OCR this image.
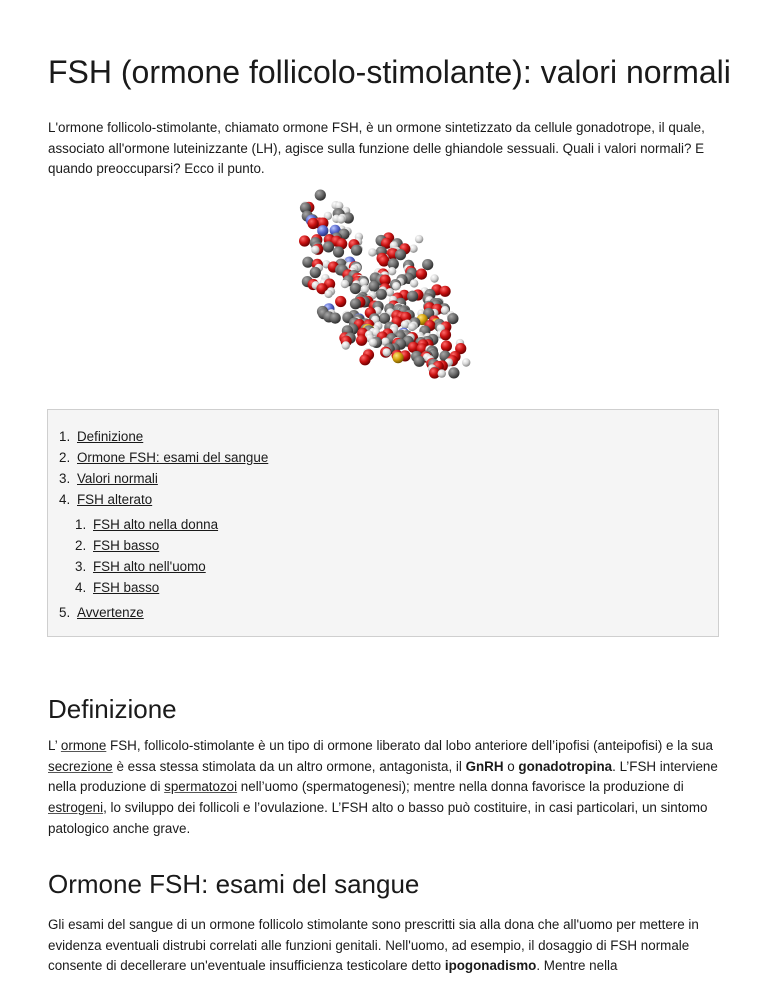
FSH (ormone follicolo-stimolante): valori normali

L'ormone follicolo-stimolante, chiamato ormone FSH, è un ormone sintetizzato da cellule gonadotrope, il quale, associato all'ormone luteinizzante (LH), agisce sulla funzione delle ghiandole sessuali. Quali i valori normali? E quando preoccuparsi? Ecco il punto.

1. Definizione
2. Ormone FSH: esami del sangue
3. Valori normali
4. FSH alterato
1. FSH alto nella donna
2. FSH basso
3. FSH alto nell'uomo
4. FSH basso
5. Avvertenze
Definizione

L’ ormone FSH, follicolo-stimolante è un tipo di ormone liberato dal lobo anteriore dell’ipofisi (anteipofisi) e la sua secrezione è essa stessa stimolata da un altro ormone, antagonista, il GnRH o gonadotropina. L’FSH interviene nella produzione di spermatozoi nell’uomo (spermatogenesi); mentre nella donna favorisce la produzione di estrogeni, lo sviluppo dei follicoli e l’ovulazione. L’FSH alto o basso può costituire, in casi particolari, un sintomo patologico anche grave.

Ormone FSH: esami del sangue

Gli esami del sangue di un ormone follicolo stimolante sono prescritti sia alla dona che all'uomo per mettere in evidenza eventuali distrubi correlati alle funzioni genitali. Nell'uomo, ad esempio, il dosaggio di FSH normale consente di decellerare un'eventuale insufficienza testicolare detto ipogonadismo. Mentre nella
